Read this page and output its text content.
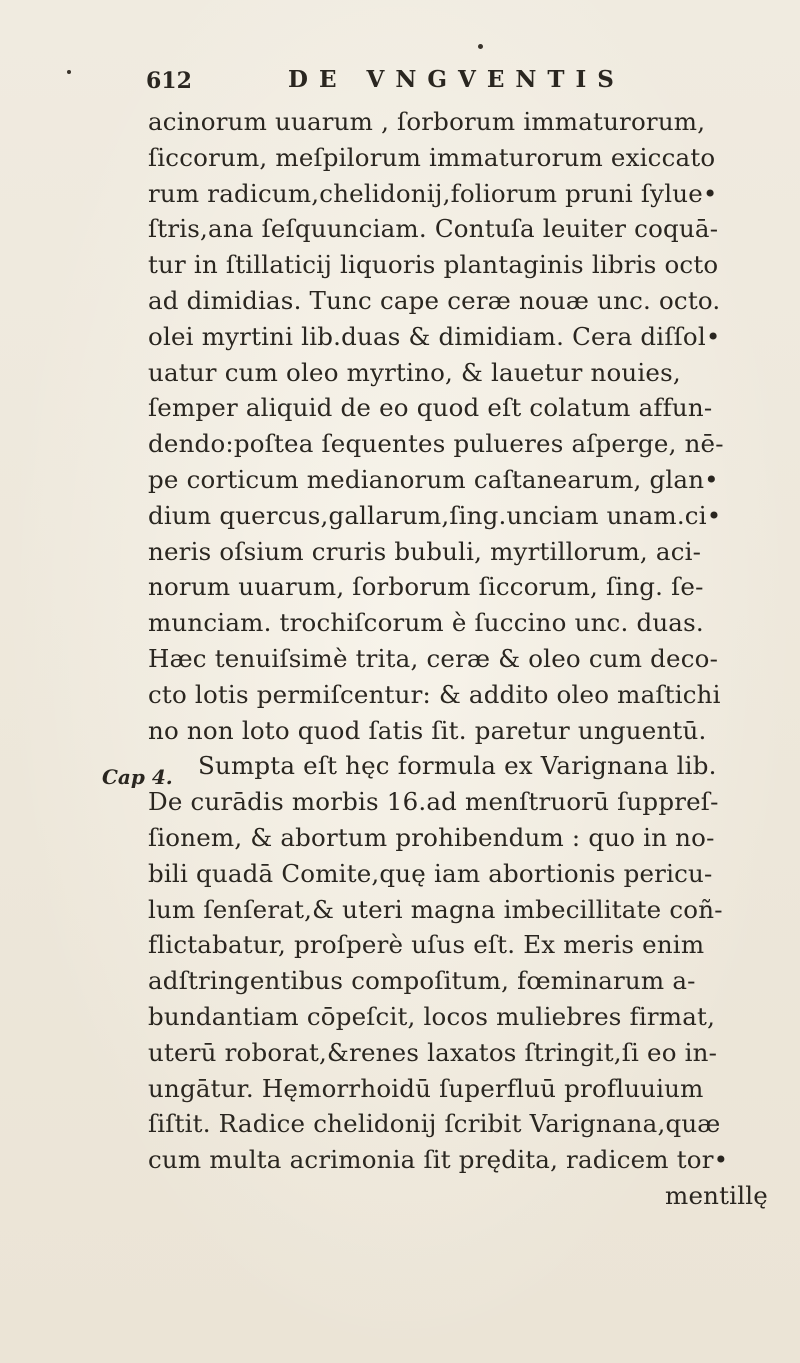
612	DE VNGVENTIS
Cap 4.
acinorum uuarum , ſorborum immaturorum,
ſiccorum, meſpilorum immaturorum exiccato
rum radicum,chelidonij,foliorum pruni ſylue•
ſtris,ana ſeſquunciam. Contuſa leuiter coquā-
tur in ſtillaticij liquoris plantaginis libris octo
ad dimidias. Tunc cape ceræ nouæ unc. octo.
olei myrtini lib.duas & dimidiam. Cera diſſol•
uatur cum oleo myrtino, & lauetur nouies,
ſemper aliquid de eo quod eſt colatum affun-
dendo:poſtea ſequentes pulueres aſperge, nē-
pe corticum medianorum caſtanearum, glan•
dium quercus,gallarum,ſing.unciam unam.ci•
neris oſsium cruris bubuli, myrtillorum, aci-
norum uuarum, ſorborum ſiccorum, ſing. ſe-
munciam. trochiſcorum è ſuccino unc. duas.
Hæc tenuiſsimè trita, ceræ & oleo cum deco-
cto lotis permiſcentur: & addito oleo maſtichi
no non loto quod ſatis ſit. paretur unguentū.
Sumpta eſt hęc formula ex Varignana lib.
De curādis morbis 16.ad menſtruorū ſuppreſ-
ſionem, & abortum prohibendum : quo in no-
bili quadā Comite,quę iam abortionis pericu-
lum ſenſerat,& uteri magna imbecillitate coñ-
flictabatur, proſperè uſus eſt. Ex meris enim
adſtringentibus compoſitum, fœminarum a-
bundantiam cōpeſcit, locos muliebres firmat,
uterū roborat,&renes laxatos ſtringit,ſi eo in-
ungātur. Hęmorrhoidū ſuperfluū profluuium
ſiſtit. Radice chelidonij ſcribit Varignana,quæ
cum multa acrimonia ſit prędita, radicem tor•
mentillę
